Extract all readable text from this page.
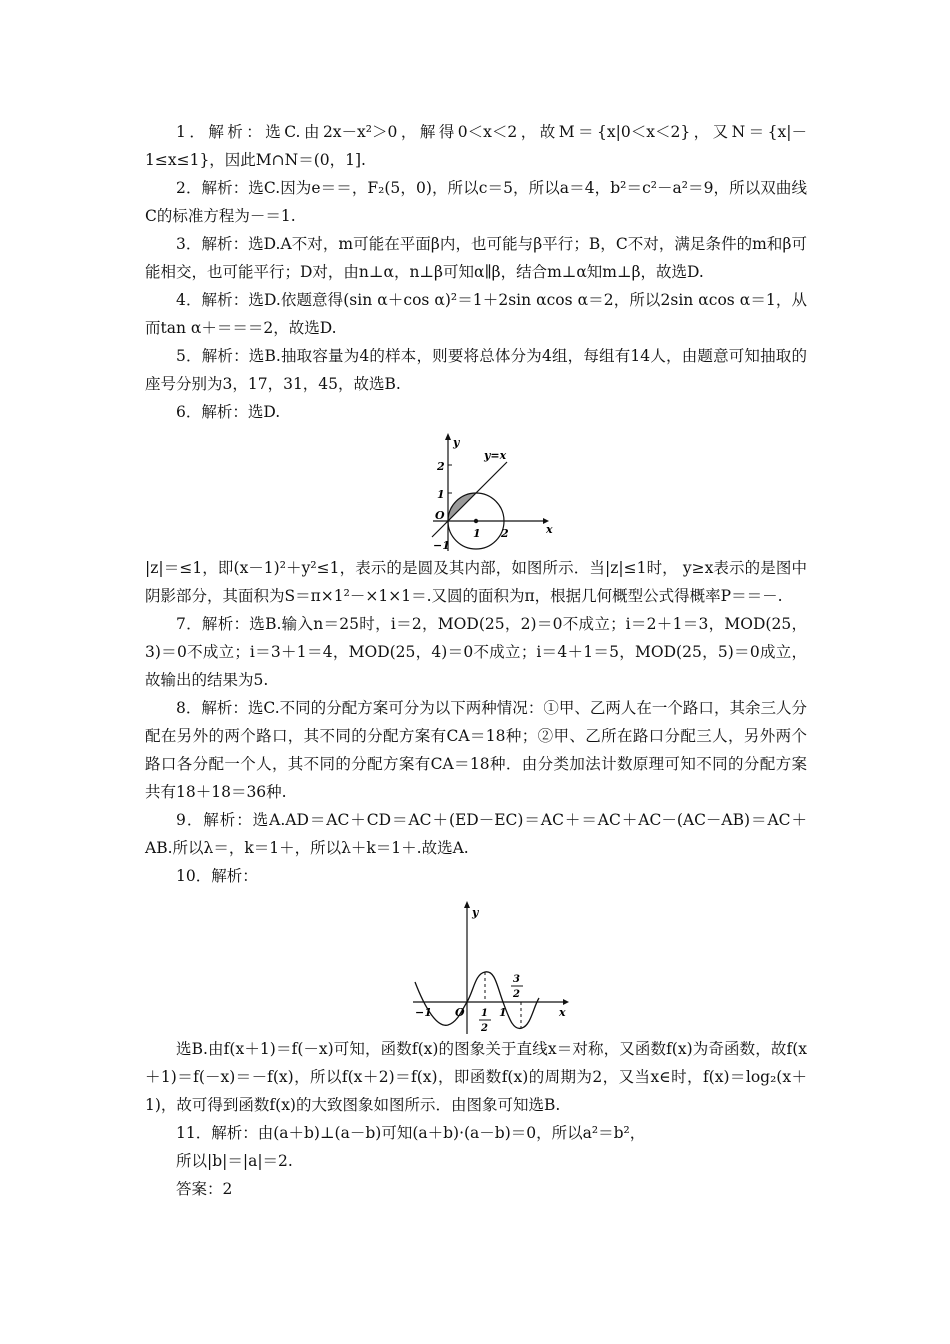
1．解析：选C.由2x－x²＞0，解得0＜x＜2，故M＝{x|0＜x＜2}，又N＝{x|－1≤x≤1}，因此M∩N＝(0，1].

2．解析：选C.因为e＝＝，F₂(5，0)，所以c＝5，所以a＝4，b²＝c²－a²＝9，所以双曲线C的标准方程为－＝1.

3．解析：选D.A不对，m可能在平面β内，也可能与β平行；B，C不对，满足条件的m和β可能相交，也可能平行；D对，由n⊥α，n⊥β可知α∥β，结合m⊥α知m⊥β，故选D.

4．解析：选D.依题意得(sin α＋cos α)²＝1＋2sin αcos α＝2，所以2sin αcos α＝1，从而tan α＋＝＝＝2，故选D.

5．解析：选B.抽取容量为4的样本，则要将总体分为4组，每组有14人，由题意可知抽取的座号分别为3，17，31，45，故选B.

6．解析：选D.

y
y=x
2
1
O
−1
1 2	x

|z|＝≤1，即(x－1)²＋y²≤1，表示的是圆及其内部，如图所示．当|z|≤1时， y≥x表示的是图中阴影部分，其面积为S＝π×1²－×1×1＝.又圆的面积为π，根据几何概型公式得概率P＝＝－.

7．解析：选B.输入n＝25时，i＝2，MOD(25，2)＝0不成立；i＝2＋1＝3，MOD(25，3)＝0不成立；i＝3＋1＝4，MOD(25，4)＝0不成立；i＝4＋1＝5，MOD(25，5)＝0成立，故输出的结果为5.

8．解析：选C.不同的分配方案可分为以下两种情况：①甲、乙两人在一个路口，其余三人分配在另外的两个路口，其不同的分配方案有CA＝18种；②甲、乙所在路口分配三人，另外两个路口各分配一个人，其不同的分配方案有CA＝18种．由分类加法计数原理可知不同的分配方案共有18＋18＝36种.

9．解析：选A.AD＝AC＋CD＝AC＋(ED－EC)＝AC＋＝AC＋AC－(AC－AB)＝AC＋AB.所以λ＝，k＝1＋，所以λ＋k＝1＋.故选A.

10．解析：

y
x
−1 O 1
2
1
3
2

选B.由f(x＋1)＝f(－x)可知，函数f(x)的图象关于直线x＝对称，又函数f(x)为奇函数，故f(x＋1)＝f(－x)＝－f(x)，所以f(x＋2)＝f(x)，即函数f(x)的周期为2，又当x∈时，f(x)＝log₂(x＋1)，故可得到函数f(x)的大致图象如图所示．由图象可知选B.

11．解析：由(a＋b)⊥(a－b)可知(a＋b)·(a－b)＝0，所以a²＝b²，

所以|b|＝|a|＝2.

答案：2
